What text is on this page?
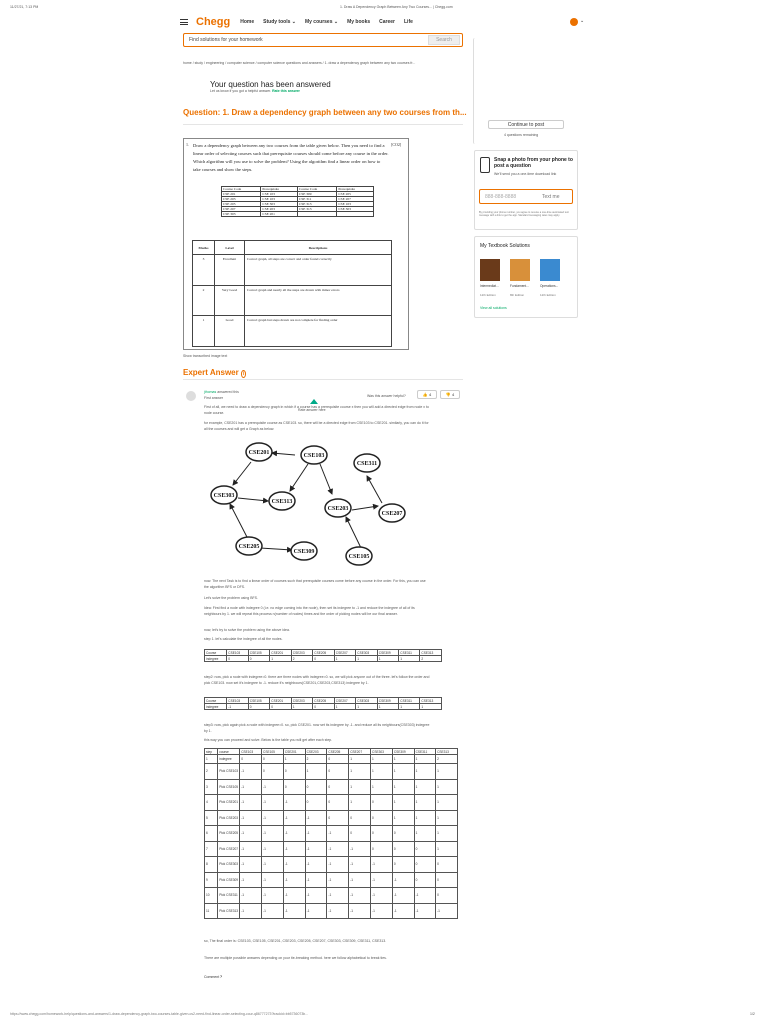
11/27/21, 7:13 PM	1. Draw A Dependency Graph Between Any Two Courses... | Chegg.com
Chegg Home Study tools ⌄ My courses ⌄ My books Career Life	⌄
Find solutions for your homework	Search
home / study / engineering / computer science / computer science questions and answers / 1. draw a dependency graph between any two courses fr...
Your question has been answered
Let us know if you got a helpful answer. Rate this answer
Question: 1. Draw a dependency graph between any two courses from th...
1. Draw a dependency graph between any two courses from the table given below. Then you need to find a linear order of selecting courses such that prerequisite courses should come before any course in the order. Which algorithm will you use to solve the problem? Using the algorithm find a linear order on how to take courses and show the steps.
[CO2]
Course Code	Prerequisite	Course Code	Prerequisite
CSE 201	CSE 103	CSE 309	CSE 205
CSE 203	CSE 103	CSE 311	CSE 207
CSE 205	CSE 303	CSE 313	CSE 103
CSE 207	CSE 203	CSE 313	CSE 303
CSE 303	CSE 201		
Marks	Level	Descriptions
3	Excellent	Correct graph, all steps are correct and order found correctly
2	Very Good	Correct graph and nearly all the steps are drawn with minor errors
1	Good	Correct graph but steps drawn are not complete for finding order
Show transcribed image text
Expert Answer i
jthomas answered this
First answer	Was this answer helpful?	👍 4	👎 4
Rate answer here
First of all, we need to draw a dependency graph in which if a course has a prerequisite course x then you will add a directed edge from node x to node course.
for example, CSE201 has a prerequisite course as CSE103. so, there will be a directed edge from CSE103 to CSE201. similarly, you can do it for all the courses and will get a Graph as below.
CSE201	CSE103
CSE311
CSE303
CSE313
CSE203
CSE207
CSE205
CSE309
CSE105
now. The next Task is to find a linear order of courses such that prerequisite courses come before any course in the order. For this, you can use the algorithm BFS or DFS.
Let's solve the problem using BFS.
Idea: First find a node with indegree 0 (i.e. no edge coming into the node), then set its indegree to -1 and reduce the indegree of all of its neighbours by 1. we will repeat this process n(number of nodes) times and the order of picking nodes will be our final answer.
now, let's try to solve the problem using the above idea.
step 1. let's calculate the indegree of all the nodes.
Course	CSE103	CSE105	CSE201	CSE203	CSE205	CSE207	CSE303	CSE309	CSE311	CSE313
indegree	0	0	1	2	0	1	1	1	1	2
step2: now, pick a node with indegree=0. there are three nodes with indegree=0. so, we will pick anyone out of the three. let's follow the order and pick CSE103. now set it's indegree to -1. reduce it's neighbours(CSE201,CSE203,CSE313) indegree by 1.
Course	CSE103	CSE105	CSE201	CSE203	CSE205	CSE207	CSE303	CSE309	CSE311	CSE313
indegree	-1	0	0	1	0	1	1	1	1	1
step3: now, pick again pick a node with indegree=0. so, pick CSE201. now set its indegree by -1. and reduce all its neighbours(CSE303) indegree by 1.
this way you can proceed and solve. Below is the table you will get after each step.
step	course	CSE103	CSE105	CSE201	CSE203	CSE205	CSE207	CSE303	CSE309	CSE311	CSE313
1	indegree	0	0	1	2	0	1	1	1	1	2
2	Pick CSE103	-1	0	0	1	0	1	1	1	1	1
3	Pick CSE105	-1	-1	0	0	0	1	1	1	1	1
4	Pick CSE201	-1	-1	-1	0	0	1	0	1	1	1
5	Pick CSE203	-1	-1	-1	-1	0	0	0	1	1	1
6	Pick CSE205	-1	-1	-1	-1	-1	0	0	0	1	1
7	Pick CSE207	-1	-1	-1	-1	-1	-1	0	0	0	1
8	Pick CSE303	-1	-1	-1	-1	-1	-1	-1	0	0	0
9	Pick CSE309	-1	-1	-1	-1	-1	-1	-1	-1	0	0
10	Pick CSE311	-1	-1	-1	-1	-1	-1	-1	-1	-1	0
11	Pick CSE313	-1	-1	-1	-1	-1	-1	-1	-1	-1	-1
so, The final order is: CSE103, CSE105, CSE201, CSE203, CSE205, CSE207, CSE303, CSE309, CSE311, CSE313.
There are multiple possible answers depending on your tie-breaking method. here we follow alphabetical to break ties.
Comment ›
Continue to post
4 questions remaining
Snap a photo from your phone to post a question
We'll send you a one-time download link
888-888-8888	Text me
By providing your phone number, you agree to receive a one-time automated text message with a link to get the app. Standard messaging rates may apply.
My Textbook Solutions
Intermediat...
12th Edition
Fundament...
8th Edition
Operations...
12th Edition
View all solutions
https://www.chegg.com/homework-help/questions-and-answers/1-draw-dependency-graph-two-courses-table-given-cs2-need-find-linear-order-selecting-cour-q86777273?trackid=bb5736073b...	1/2
